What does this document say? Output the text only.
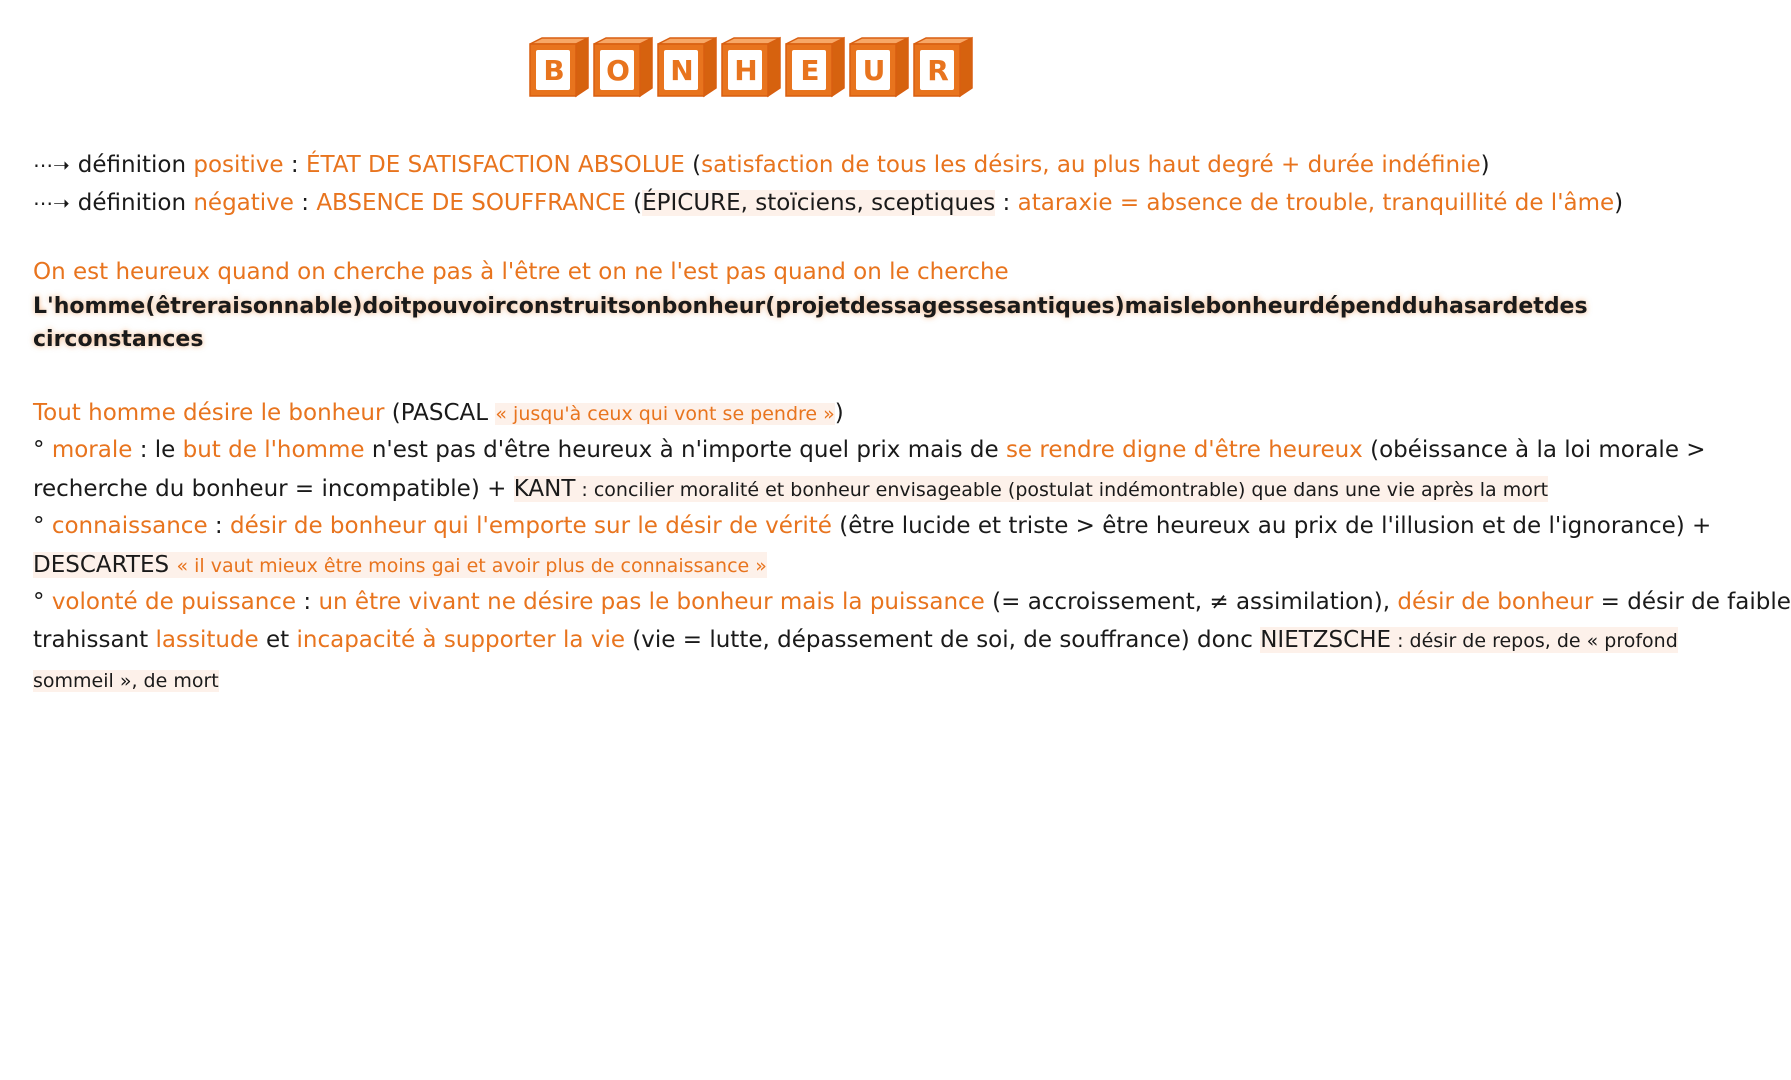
B	O	N	H	E	U	R
⋯➝ définition positive : ÉTAT DE SATISFACTION ABSOLUE (satisfaction de tous les désirs, au plus haut degré + durée indéfinie)
⋯➝ définition négative : ABSENCE DE SOUFFRANCE (ÉPICURE, stoïciens, sceptiques : ataraxie = absence de trouble, tranquillité de l'âme)
On est heureux quand on cherche pas à l'être et on ne l'est pas quand on le cherche
L'homme (être raisonnable) doit pouvoir construit son bonheur (projet des sagesses antiques) mais le bonheur dépend du hasard et des
circonstances
Tout homme désire le bonheur (PASCAL « jusqu'à ceux qui vont se pendre »)
° morale : le but de l'homme n'est pas d'être heureux à n'importe quel prix mais de se rendre digne d'être heureux (obéissance à la loi morale >
recherche du bonheur = incompatible) + KANT : concilier moralité et bonheur envisageable (postulat indémontrable) que dans une vie après la mort
° connaissance : désir de bonheur qui l'emporte sur le désir de vérité (être lucide et triste > être heureux au prix de l'illusion et de l'ignorance) +
DESCARTES « il vaut mieux être moins gai et avoir plus de connaissance »
° volonté de puissance : un être vivant ne désire pas le bonheur mais la puissance (= accroissement, ≠ assimilation), désir de bonheur = désir de faible
trahissant lassitude et incapacité à supporter la vie (vie = lutte, dépassement de soi, de souffrance) donc NIETZSCHE : désir de repos, de « profond
sommeil », de mort
